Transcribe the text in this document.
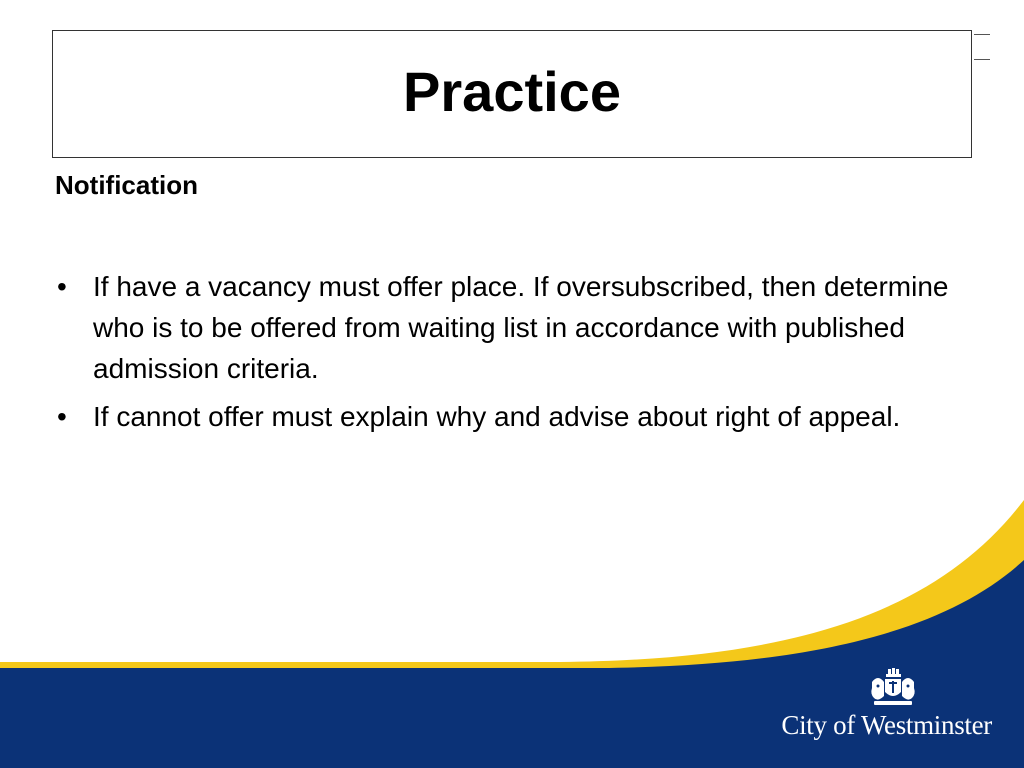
Practice

Notification

• If have a vacancy must offer place. If oversubscribed, then determine who is to be offered from waiting list in accordance with published admission criteria.
• If cannot offer must explain why and advise about right of appeal.
City of Westminster
